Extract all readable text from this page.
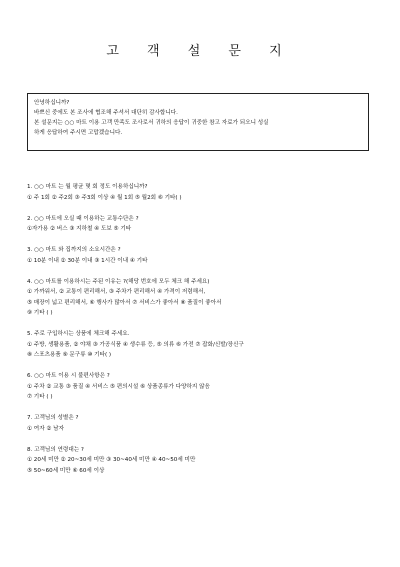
고 객 설 문 지
안녕하십니까?
바쁘신 중에도 본 조사에 협조해 주셔서 대단히 감사합니다.
본 설문지는 ○○ 마트 이용 고객 만족도 조사로서 귀하의 응답이 귀중한 참고 자료가 되오니 성실
하게 응답하여 주시면 고맙겠습니다.
1. ○○ 마트 는 월 평균 몇 회 정도 이용하십니까?
① 주 1회 ② 주2회 ③ 주3회 이상 ④ 월 1회 ⑤ 월2회 ⑥ 기타( )
2. ○○ 마트에 오실 때 이용하는 교통수단은 ?
①자가용 ② 버스 ③ 지하철 ④ 도보 ⑤ 기타
3. ○○ 마트 와 집까지의 소요시간은 ?
① 10분 이내 ② 30분 이내 ③ 1시간 이내 ④ 기타
4. ○○ 마트를 이용하시는 주된 이유는 ?(해당 번호에 모두 체크 해 주세요)
① 가까워서, ② 교통이 편리해서, ③ 주차가 편리해서 ④ 가격이 저렴해서,
⑤ 매장이 넓고 편리해서, ⑥ 행사가 많아서 ⑦ 서비스가 좋아서 ⑧ 품질이 좋아서
⑨ 기타 ( )
5. 주로 구입하시는 상품에 체크해 주세요.
① 주방, 생활용품, ② 야채 ③ 가공식품 ④ 생수류 등, ⑤ 의류 ⑥ 가전 ⑦ 잡화/신발/장신구
⑧ 스포츠용품 ⑨ 문구류 ⑩ 기타( )
6. ○○ 마트 이용 시 불편사항은 ?
① 주차 ② 교통 ③ 품질 ④ 서비스 ⑤ 편의시설 ⑥ 상품종류가 다양하지 않음
⑦ 기타 ( )
7. 고객님의 성별은 ?
① 여자 ② 남자
8. 고객님의 연령대는 ?
① 20세 미만 ② 20~30세 미만 ③ 30~40세 미만 ④ 40~50세 미만
⑤ 50~60세 미만 ⑥ 60세 이상
